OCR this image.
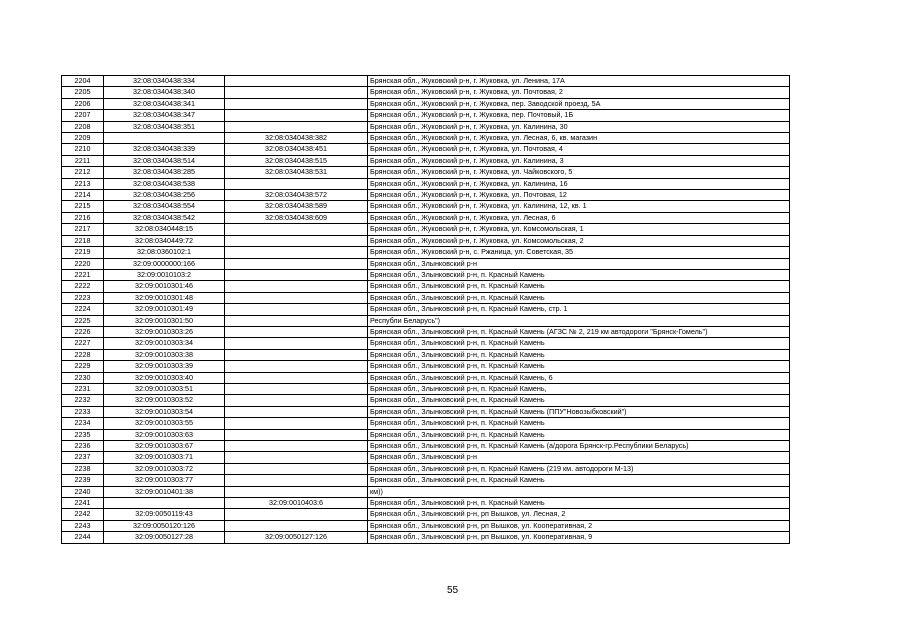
2204	32:08:0340438:334		Брянская обл., Жуковский р-н, г. Жуковка, ул. Ленина, 17А
2205	32:08:0340438:340		Брянская обл., Жуковский р-н, г. Жуковка, ул. Почтовая, 2
2206	32:08:0340438:341		Брянская обл., Жуковский р-н, г. Жуковка, пер. Заводской проезд, 5А
2207	32:08:0340438:347		Брянская обл., Жуковский р-н, г. Жуковка, пер. Почтовый, 1Б
2208	32:08:0340438:351		Брянская обл., Жуковский р-н, г. Жуковка, ул. Калинина, 30
2209		32:08:0340438:382	Брянская обл., Жуковский р-н, г. Жуковка, ул. Лесная, 6, кв. магазин
2210	32:08:0340438:339	32:08:0340438:451	Брянская обл., Жуковский р-н, г. Жуковка, ул. Почтовая, 4
2211	32:08:0340438:514	32:08:0340438:515	Брянская обл., Жуковский р-н, г. Жуковка, ул. Калинина, 3
2212	32:08:0340438:285	32:08:0340438:531	Брянская обл., Жуковский р-н, г. Жуковка, ул. Чайковского, 5
2213	32:08:0340438:538		Брянская обл., Жуковский р-н, г. Жуковка, ул. Калинина, 16
2214	32:08:0340438:256	32:08:0340438:572	Брянская обл., Жуковский р-н, г. Жуковка, ул. Почтовая, 12
2215	32:08:0340438:554	32:08:0340438:589	Брянская обл., Жуковский р-н, г. Жуковка, ул. Калинина, 12, кв. 1
2216	32:08:0340438:542	32:08:0340438:609	Брянская обл., Жуковский р-н, г. Жуковка, ул. Лесная, 6
2217	32:08:0340448:15		Брянская обл., Жуковский р-н, г. Жуковка, ул. Комсомольская, 1
2218	32:08:0340449:72		Брянская обл., Жуковский р-н, г. Жуковка, ул. Комсомольская, 2
2219	32:08:0360102:1		Брянская обл., Жуковский р-н, с. Ржаница, ул. Советская, 35
2220	32:09:0000000:166		Брянская обл., Злынковский р-н
2221	32:09:0010103:2		Брянская обл., Злынковский р-н, п. Красный Камень
2222	32:09:0010301:46		Брянская обл., Злынковский р-н, п. Красный Камень
2223	32:09:0010301:48		Брянская обл., Злынковский р-н, п. Красный Камень
2224	32:09:0010301:49		Брянская обл., Злынковский р-н, п. Красный Камень, стр. 1
2225	32:09:0010301:50		Республи Беларусь")
2226	32:09:0010303:26		Брянская обл., Злынковский р-н, п. Красный Камень (АГЗС № 2, 219 км автодороги "Брянск-Гомель")
2227	32:09:0010303:34		Брянская обл., Злынковский р-н, п. Красный Камень
2228	32:09:0010303:38		Брянская обл., Злынковский р-н, п. Красный Камень
2229	32:09:0010303:39		Брянская обл., Злынковский р-н, п. Красный Камень
2230	32:09:0010303:40		Брянская обл., Злынковский р-н, п. Красный Камень, 6
2231	32:09:0010303:51		Брянская обл., Злынковский р-н, п. Красный Камень,
2232	32:09:0010303:52		Брянская обл., Злынковский р-н, п. Красный Камень
2233	32:09:0010303:54		Брянская обл., Злынковский р-н, п. Красный Камень (ППУ"Новозыбковский")
2234	32:09:0010303:55		Брянская обл., Злынковский р-н, п. Красный Камень
2235	32:09:0010303:63		Брянская обл., Злынковский р-н, п. Красный Камень
2236	32:09:0010303:67		Брянская обл., Злынковский р-н, п. Красный Камень (а/дорога Брянск-гр.Республики Беларусь)
2237	32:09:0010303:71		Брянская обл., Злынковский р-н
2238	32:09:0010303:72		Брянская обл., Злынковский р-н, п. Красный Камень (219 км. автодороги М-13)
2239	32:09:0010303:77		Брянская обл., Злынковский р-н, п. Красный Камень
2240	32:09:0010401:38		км))
2241		32:09:0010403:6	Брянская обл., Злынковский р-н, п. Красный Камень
2242	32:09:0050119:43		Брянская обл., Злынковский р-н, рп Вышков, ул. Лесная, 2
2243	32:09:0050120:126		Брянская обл., Злынковский р-н, рп Вышков, ул. Кооперативная, 2
2244	32:09:0050127:28	32:09:0050127:126	Брянская обл., Злынковский р-н, рп Вышков, ул. Кооперативная, 9
55
